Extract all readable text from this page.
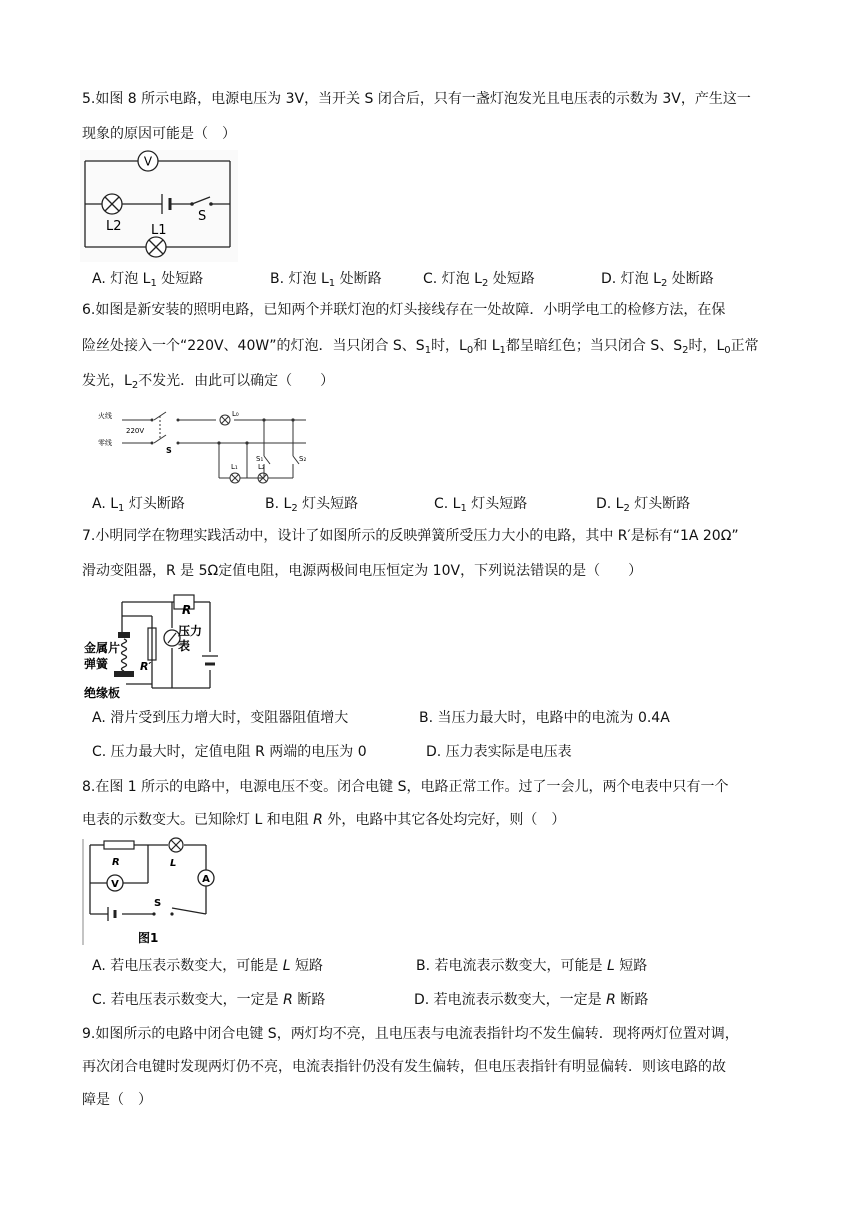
5.如图 8 所示电路，电源电压为 3V，当开关 S 闭合后，只有一盏灯泡发光且电压表的示数为 3V，产生这一
现象的原因可能是（　）
V
L2 L1
S
A. 灯泡 $L_1$ 处短路	B. 灯泡 $L_1$ 处断路	C. 灯泡 $L_2$ 处短路	D. 灯泡 $L_2$ 处断路
6.如图是新安装的照明电路，已知两个并联灯泡的灯头接线存在一处故障．小明学电工的检修方法，在保
险丝处接入一个“220V、40W”的灯泡．当只闭合 S、$S_1$时，$L_0$和 $L_1$都呈暗红色；当只闭合 S、$S_2$时，$L_0$正常
发光，$L_2$不发光．由此可以确定（　　）
火线
零线
220V
S
L₀
L₁
S₁
L₂
S₂
A. $L_1$ 灯头断路	B. $L_2$ 灯头短路	C. $L_1$ 灯头短路	D. $L_2$ 灯头断路
7.小明同学在物理实践活动中，设计了如图所示的反映弹簧所受压力大小的电路，其中 R′是标有“1A 20Ω”
滑动变阻器，R 是 5Ω定值电阻，电源两极间电压恒定为 10V，下列说法错误的是（　　）
R
R′
压力
表
金属片
弹簧
绝缘板
A. 滑片受到压力增大时，变阻器阻值增大	B. 当压力最大时，电路中的电流为 0.4A
C. 压力最大时，定值电阻 R 两端的电压为 0	D. 压力表实际是电压表
8.在图 1 所示的电路中，电源电压不变。闭合电键 S，电路正常工作。过了一会儿，两个电表中只有一个
电表的示数变大。已知除灯 L 和电阻 R 外，电路中其它各处均完好，则（　）
V	A
R	L
S
图1
A. 若电压表示数变大，可能是 L 短路	B. 若电流表示数变大，可能是 L 短路
C. 若电压表示数变大，一定是 R 断路	D. 若电流表示数变大，一定是 R 断路
9.如图所示的电路中闭合电键 S，两灯均不亮，且电压表与电流表指针均不发生偏转．现将两灯位置对调，
再次闭合电键时发现两灯仍不亮，电流表指针仍没有发生偏转，但电压表指针有明显偏转．则该电路的故
障是（　）
